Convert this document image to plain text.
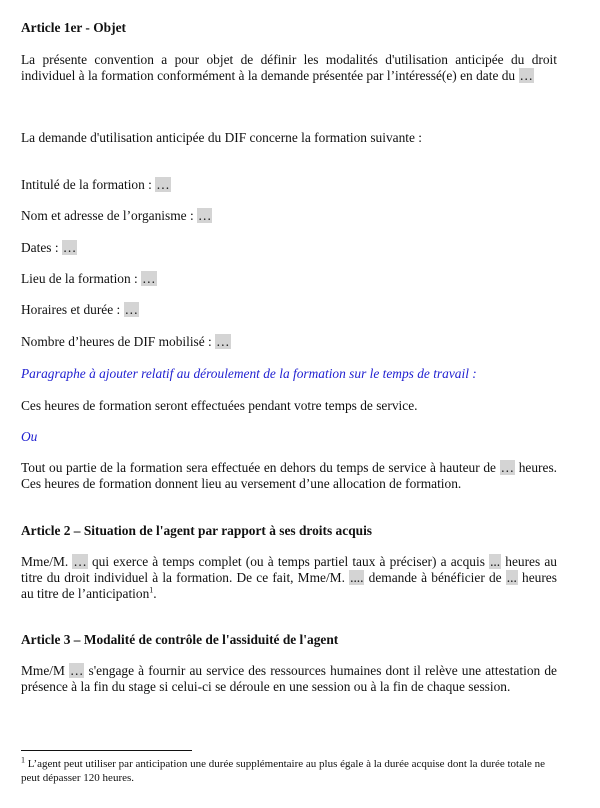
Article 1er - Objet

La présente convention a pour objet de définir les modalités d'utilisation anticipée du droit individuel à la formation conformément à la demande présentée par l’intéressé(e) en date du …

La demande d'utilisation anticipée du DIF concerne la formation suivante :

Intitulé de la formation : …

Nom et adresse de l’organisme : …

Dates : …

Lieu de la formation : …

Horaires et durée : …

Nombre d’heures de DIF mobilisé : …

Paragraphe à ajouter relatif au déroulement de la formation sur le temps de travail :

Ces heures de formation seront effectuées pendant votre temps de service.

Ou

Tout ou partie de la formation sera effectuée en dehors du temps de service à hauteur de … heures. Ces heures de formation donnent lieu au versement d’une allocation de formation.

Article 2 – Situation de l'agent par rapport à ses droits acquis

Mme/M. … qui exerce à temps complet (ou à temps partiel taux à préciser) a acquis ... heures au titre du droit individuel à la formation. De ce fait, Mme/M. .... demande à bénéficier de ... heures au titre de l’anticipation$^1$.

Article 3 – Modalité de contrôle de l'assiduité de l'agent

Mme/M … s'engage à fournir au service des ressources humaines dont il relève une attestation de présence à la fin du stage si celui-ci se déroule en une session ou à la fin de chaque session.

$^1$ L’agent peut utiliser par anticipation une durée supplémentaire au plus égale à la durée acquise dont la durée totale ne peut dépasser 120 heures.
